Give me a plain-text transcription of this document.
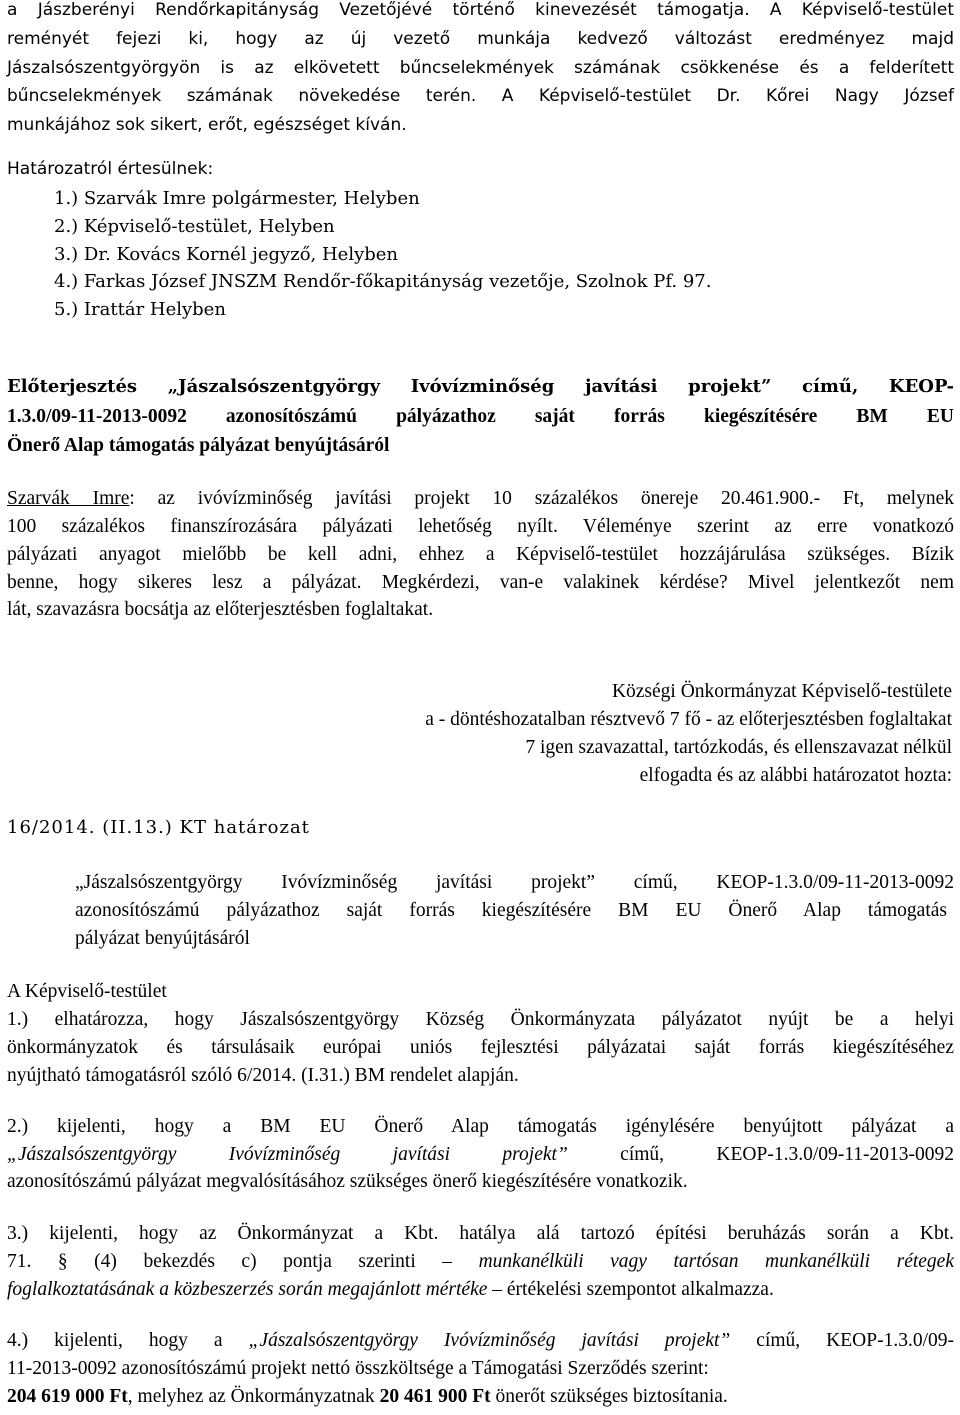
a Jászberényi Rendőrkapitányság Vezetőjévé történő kinevezését támogatja. A Képviselő-testület
reményét fejezi ki, hogy az új vezető munkája kedvező változást eredményez majd
Jászalsószentgyörgyön is az elkövetett bűncselekmények számának csökkenése és a felderített
bűncselekmények számának növekedése terén. A Képviselő-testület Dr. Kőrei Nagy József
munkájához sok sikert, erőt, egészséget kíván.
Határozatról értesülnek:
1.) Szarvák Imre polgármester, Helyben
2.) Képviselő-testület, Helyben
3.) Dr. Kovács Kornél jegyző, Helyben
4.) Farkas József JNSZM Rendőr-főkapitányság vezetője, Szolnok Pf. 97.
5.) Irattár Helyben
Előterjesztés „Jászalsószentgyörgy Ivóvízminőség javítási projekt” című, KEOP-
1.3.0/09-11-2013-0092 azonosítószámú pályázathoz saját forrás kiegészítésére BM EU
Önerő Alap támogatás pályázat benyújtásáról
Szarvák Imre: az ivóvízminőség javítási projekt 10 százalékos önereje 20.461.900.- Ft, melynek
100 százalékos finanszírozására pályázati lehetőség nyílt. Véleménye szerint az erre vonatkozó
pályázati anyagot mielőbb be kell adni, ehhez a Képviselő-testület hozzájárulása szükséges. Bízik
benne, hogy sikeres lesz a pályázat. Megkérdezi, van-e valakinek kérdése? Mivel jelentkezőt nem
lát, szavazásra bocsátja az előterjesztésben foglaltakat.
Községi Önkormányzat Képviselő-testülete
a - döntéshozatalban résztvevő 7 fő - az előterjesztésben foglaltakat
7 igen szavazattal, tartózkodás, és ellenszavazat nélkül
elfogadta és az alábbi határozatot hozta:
16/2014. (II.13.) KT határozat
„Jászalsószentgyörgy Ivóvízminőség javítási projekt” című, KEOP-1.3.0/09-11-2013-0092
azonosítószámú pályázathoz saját forrás kiegészítésére BM EU Önerő Alap támogatás
pályázat benyújtásáról
A Képviselő-testület
1.) elhatározza, hogy Jászalsószentgyörgy Község Önkormányzata pályázatot nyújt be a helyi
önkormányzatok és társulásaik európai uniós fejlesztési pályázatai saját forrás kiegészítéséhez
nyújtható támogatásról szóló 6/2014. (I.31.) BM rendelet alapján.
2.) kijelenti, hogy a BM EU Önerő Alap támogatás igénylésére benyújtott pályázat a
„Jászalsószentgyörgy Ivóvízminőség javítási projekt” című, KEOP-1.3.0/09-11-2013-0092
azonosítószámú pályázat megvalósításához szükséges önerő kiegészítésére vonatkozik.
3.) kijelenti, hogy az Önkormányzat a Kbt. hatálya alá tartozó építési beruházás során a Kbt.
71. § (4) bekezdés c) pontja szerinti – munkanélküli vagy tartósan munkanélküli rétegek
foglalkoztatásának a közbeszerzés során megajánlott mértéke – értékelési szempontot alkalmazza.
4.) kijelenti, hogy a „Jászalsószentgyörgy Ivóvízminőség javítási projekt” című, KEOP-1.3.0/09-
11-2013-0092 azonosítószámú projekt nettó összköltsége a Támogatási Szerződés szerint:
204 619 000 Ft, melyhez az Önkormányzatnak 20 461 900 Ft önerőt szükséges biztosítania.
